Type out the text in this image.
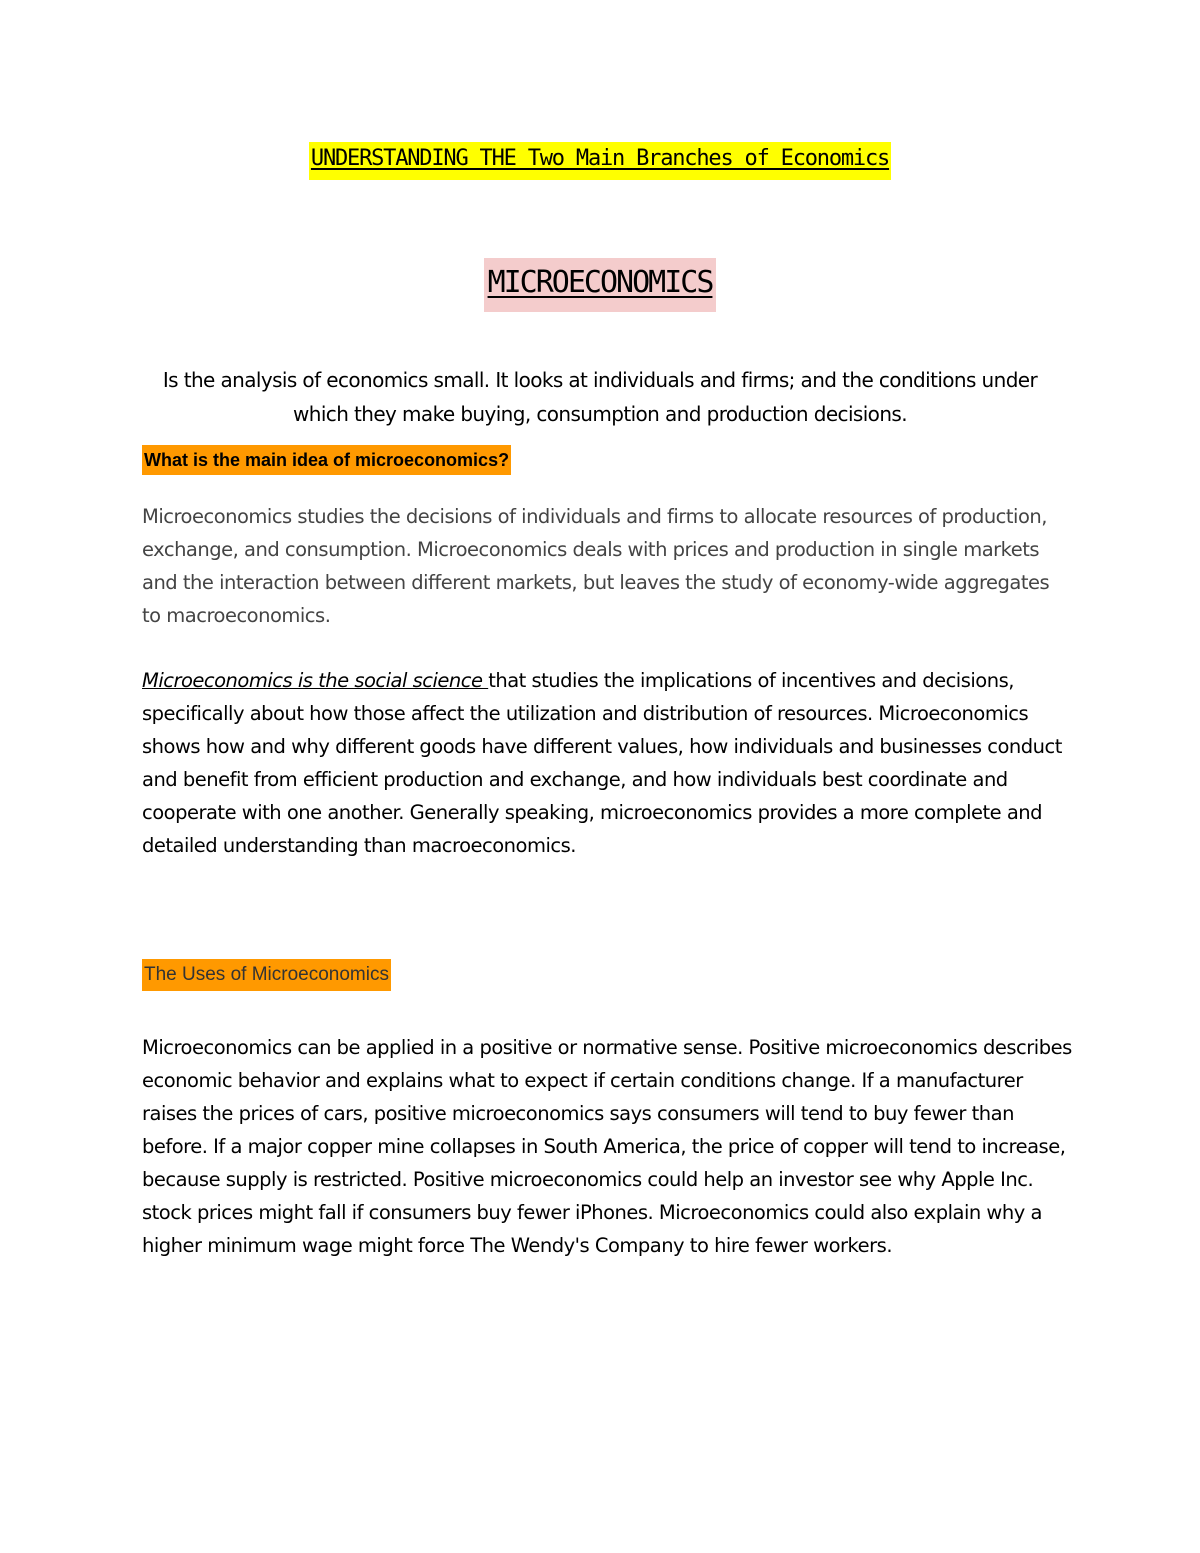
UNDERSTANDING THE Two Main Branches of Economics
MICROECONOMICS

Is the analysis of economics small. It looks at individuals and firms; and the conditions under which they make buying, consumption and production decisions.

What is the main idea of microeconomics?

Microeconomics studies the decisions of individuals and firms to allocate resources of production, exchange, and consumption. Microeconomics deals with prices and production in single markets and the interaction between different markets, but leaves the study of economy-wide aggregates to macroeconomics.

Microeconomics is the social science that studies the implications of incentives and decisions, specifically about how those affect the utilization and distribution of resources. Microeconomics shows how and why different goods have different values, how individuals and businesses conduct and benefit from efficient production and exchange, and how individuals best coordinate and cooperate with one another. Generally speaking, microeconomics provides a more complete and detailed understanding than macroeconomics.

The Uses of Microeconomics

Microeconomics can be applied in a positive or normative sense. Positive microeconomics describes economic behavior and explains what to expect if certain conditions change. If a manufacturer raises the prices of cars, positive microeconomics says consumers will tend to buy fewer than before. If a major copper mine collapses in South America, the price of copper will tend to increase, because supply is restricted. Positive microeconomics could help an investor see why Apple Inc. stock prices might fall if consumers buy fewer iPhones. Microeconomics could also explain why a higher minimum wage might force The Wendy's Company to hire fewer workers.
